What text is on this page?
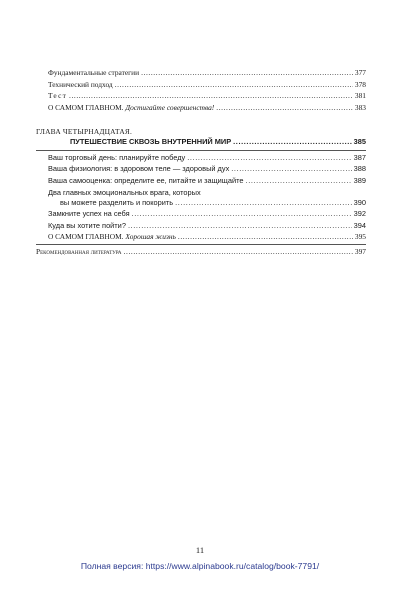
Фундаментальные стратегии .....	377
Технический подход .....	378
Тест .....	381
О САМОМ ГЛАВНОМ. Достигайте совершенства! .....	383
ГЛАВА ЧЕТЫРНАДЦАТАЯ.
ПУТЕШЕСТВИЕ СКВОЗЬ ВНУТРЕННИЙ МИР .....	385
Ваш торговый день: планируйте победу .....	387
Ваша физиология: в здоровом теле — здоровый дух .....	388
Ваша самооценка: определите ее, питайте и защищайте .....	389
Два главных эмоциональных врага, которых
вы можете разделить и покорить .....	390
Замкните успех на себя .....	392
Куда вы хотите пойти? .....	394
О САМОМ ГЛАВНОМ. Хорошая жизнь .....	395
Рекомендованная литература .....	397
11
Полная версия: https://www.alpinabook.ru/catalog/book-7791/
